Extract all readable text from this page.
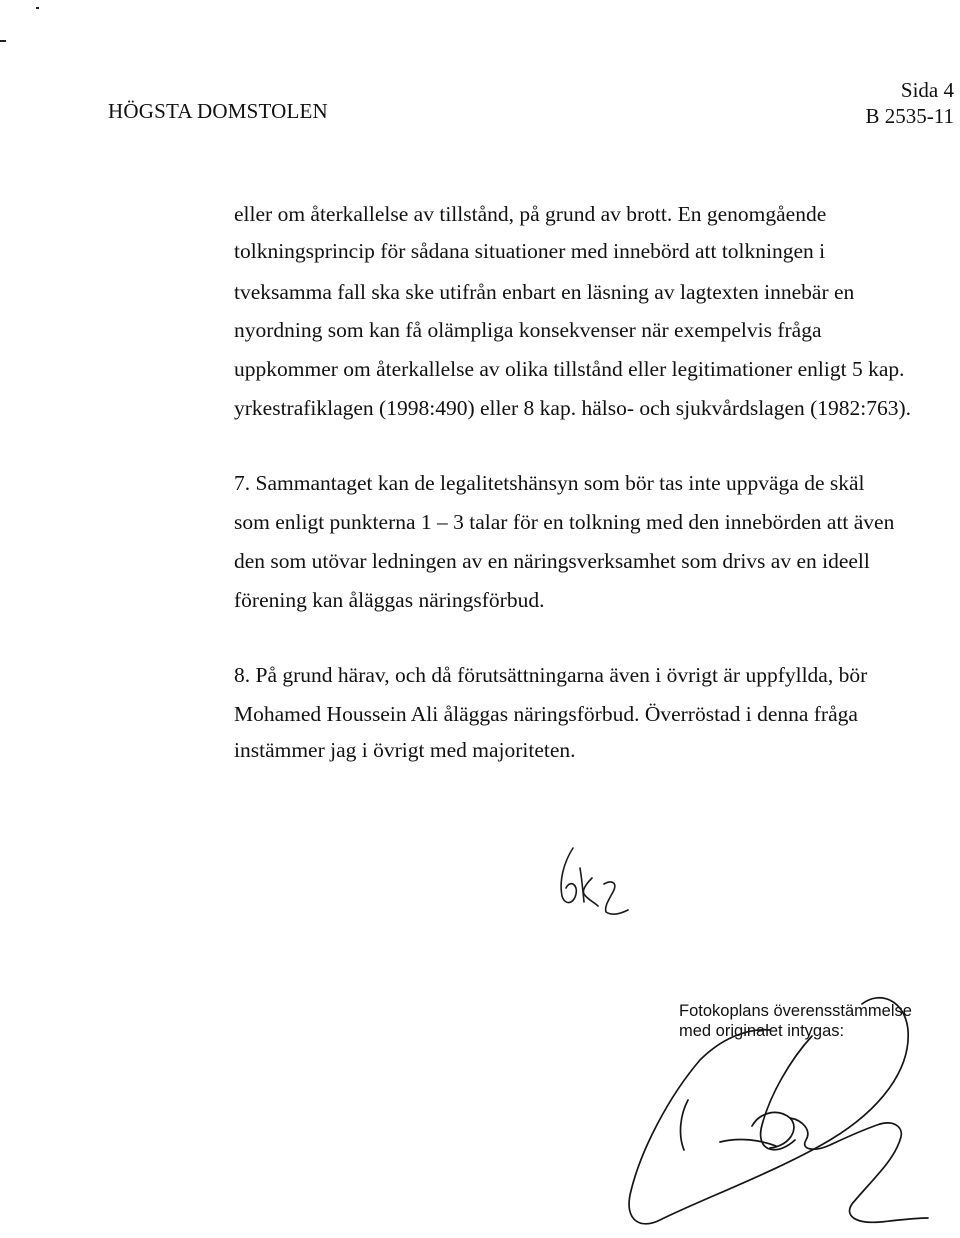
HÖGSTA DOMSTOLEN
Sida 4
B 2535-11
eller om återkallelse av tillstånd, på grund av brott. En genomgående
tolkningsprincip för sådana situationer med innebörd att tolkningen i
tveksamma fall ska ske utifrån enbart en läsning av lagtexten innebär en
nyordning som kan få olämpliga konsekvenser när exempelvis fråga
uppkommer om återkallelse av olika tillstånd eller legitimationer enligt 5 kap.
yrkestrafiklagen (1998:490) eller 8 kap. hälso- och sjukvårdslagen (1982:763).
7. Sammantaget kan de legalitetshänsyn som bör tas inte uppväga de skäl
som enligt punkterna 1 – 3 talar för en tolkning med den innebörden att även
den som utövar ledningen av en näringsverksamhet som drivs av en ideell
förening kan åläggas näringsförbud.
8. På grund härav, och då förutsättningarna även i övrigt är uppfyllda, bör
Mohamed Houssein Ali åläggas näringsförbud. Överröstad i denna fråga
instämmer jag i övrigt med majoriteten.
Fotokoplans överensstämmelse
med originalet intygas:
